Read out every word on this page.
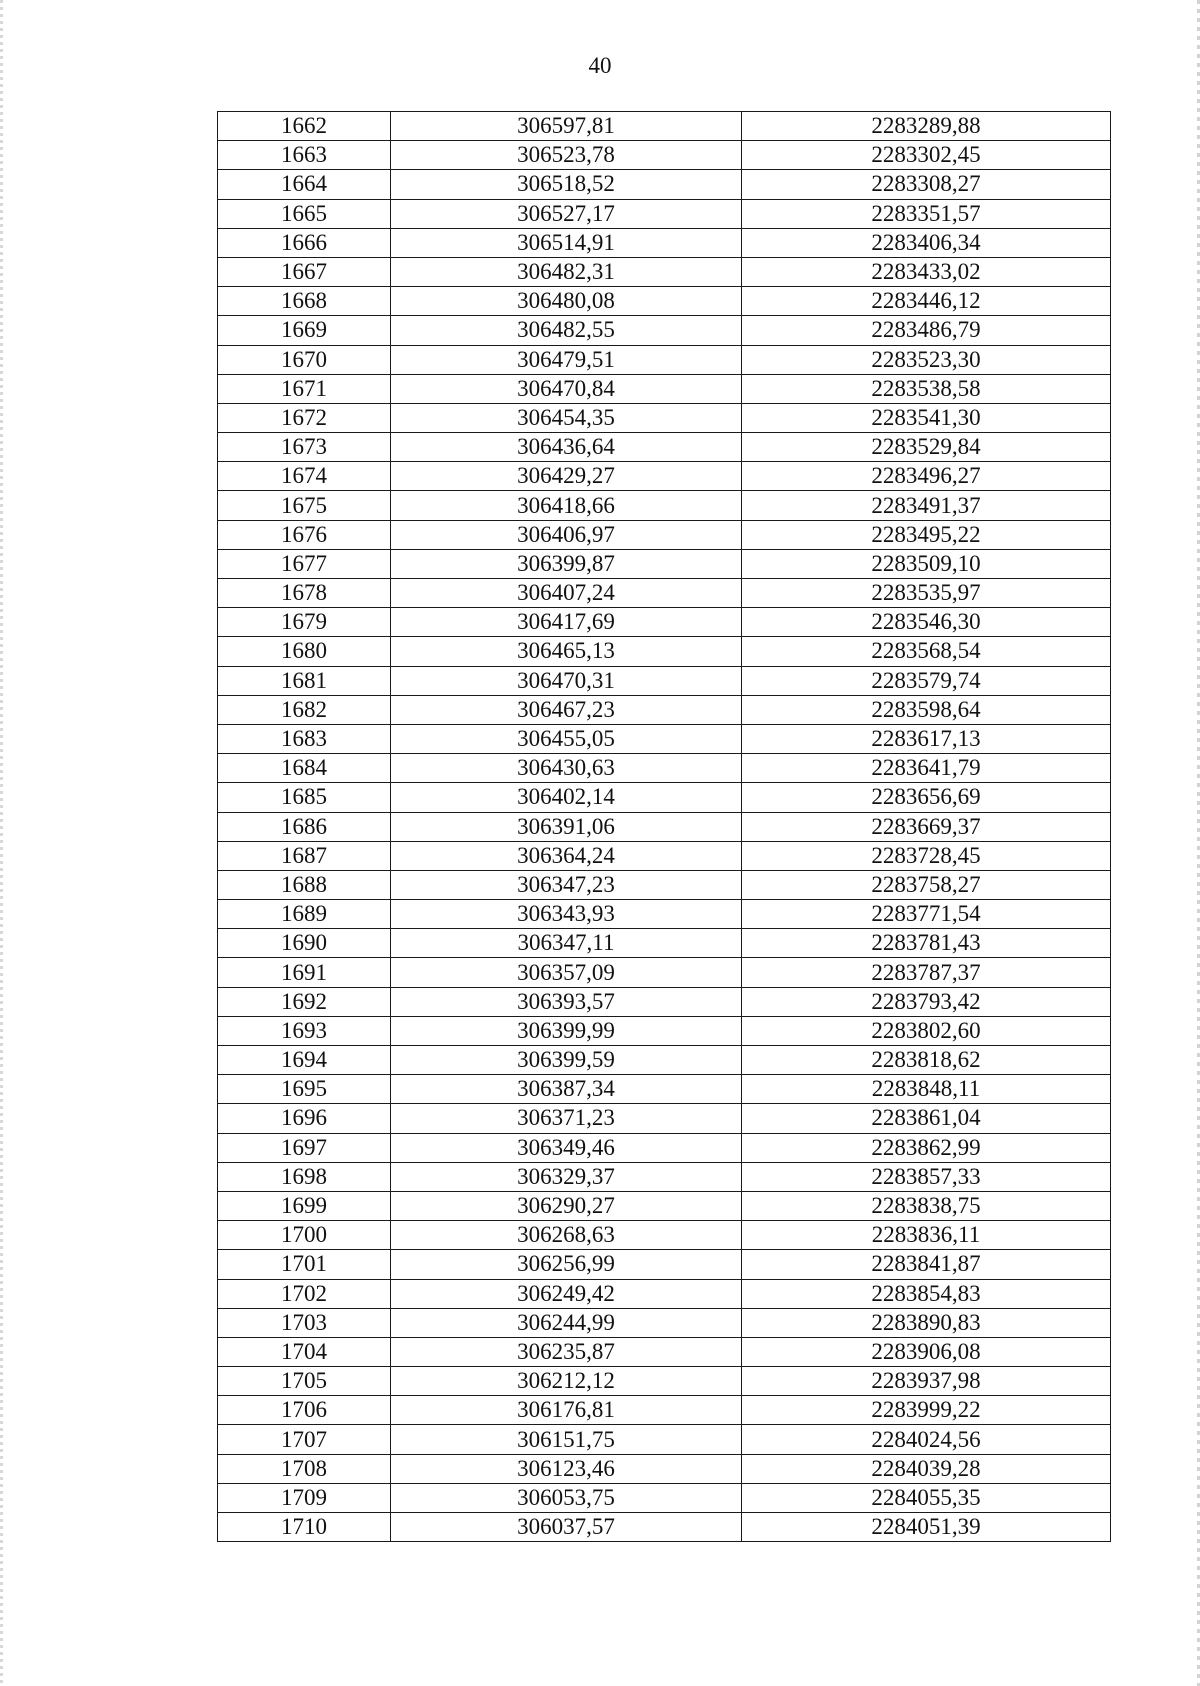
40
1662	306597,81	2283289,88
1663	306523,78	2283302,45
1664	306518,52	2283308,27
1665	306527,17	2283351,57
1666	306514,91	2283406,34
1667	306482,31	2283433,02
1668	306480,08	2283446,12
1669	306482,55	2283486,79
1670	306479,51	2283523,30
1671	306470,84	2283538,58
1672	306454,35	2283541,30
1673	306436,64	2283529,84
1674	306429,27	2283496,27
1675	306418,66	2283491,37
1676	306406,97	2283495,22
1677	306399,87	2283509,10
1678	306407,24	2283535,97
1679	306417,69	2283546,30
1680	306465,13	2283568,54
1681	306470,31	2283579,74
1682	306467,23	2283598,64
1683	306455,05	2283617,13
1684	306430,63	2283641,79
1685	306402,14	2283656,69
1686	306391,06	2283669,37
1687	306364,24	2283728,45
1688	306347,23	2283758,27
1689	306343,93	2283771,54
1690	306347,11	2283781,43
1691	306357,09	2283787,37
1692	306393,57	2283793,42
1693	306399,99	2283802,60
1694	306399,59	2283818,62
1695	306387,34	2283848,11
1696	306371,23	2283861,04
1697	306349,46	2283862,99
1698	306329,37	2283857,33
1699	306290,27	2283838,75
1700	306268,63	2283836,11
1701	306256,99	2283841,87
1702	306249,42	2283854,83
1703	306244,99	2283890,83
1704	306235,87	2283906,08
1705	306212,12	2283937,98
1706	306176,81	2283999,22
1707	306151,75	2284024,56
1708	306123,46	2284039,28
1709	306053,75	2284055,35
1710	306037,57	2284051,39
